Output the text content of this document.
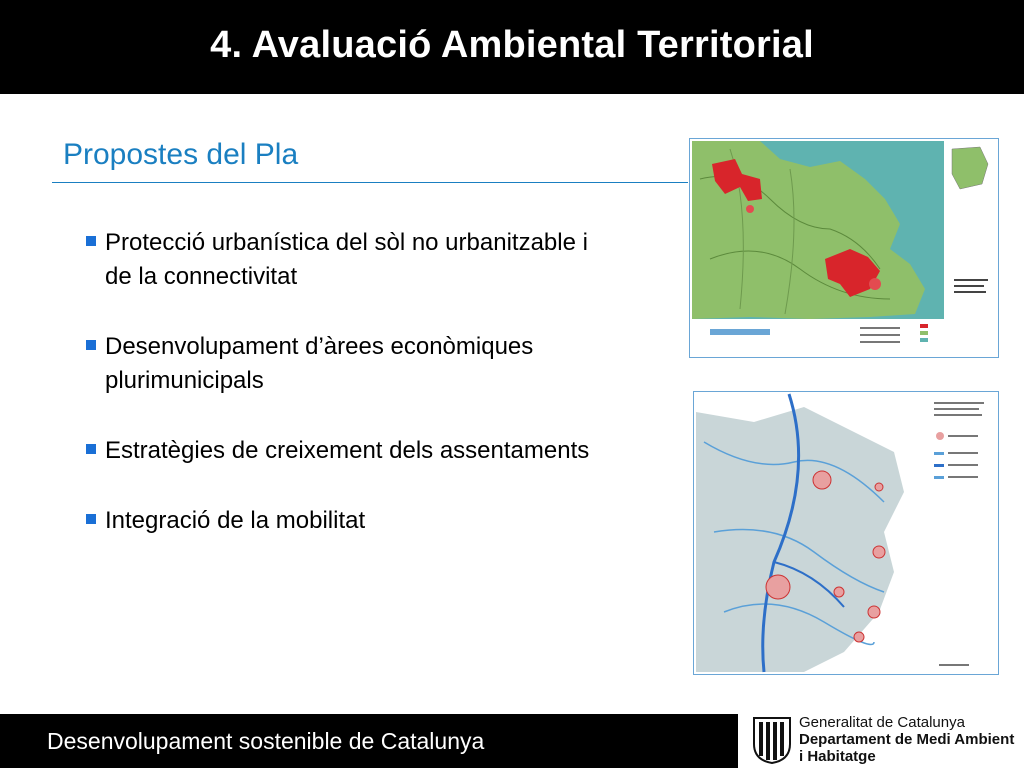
4. Avaluació Ambiental Territorial
Propostes del Pla
Protecció urbanística del sòl no urbanitzable i de la connectivitat
Desenvolupament d’àrees econòmiques plurimunicipals
Estratègies de creixement dels assentaments
Integració de la mobilitat
Desenvolupament sostenible de Catalunya
Generalitat de Catalunya
Departament de Medi Ambient
i Habitatge
